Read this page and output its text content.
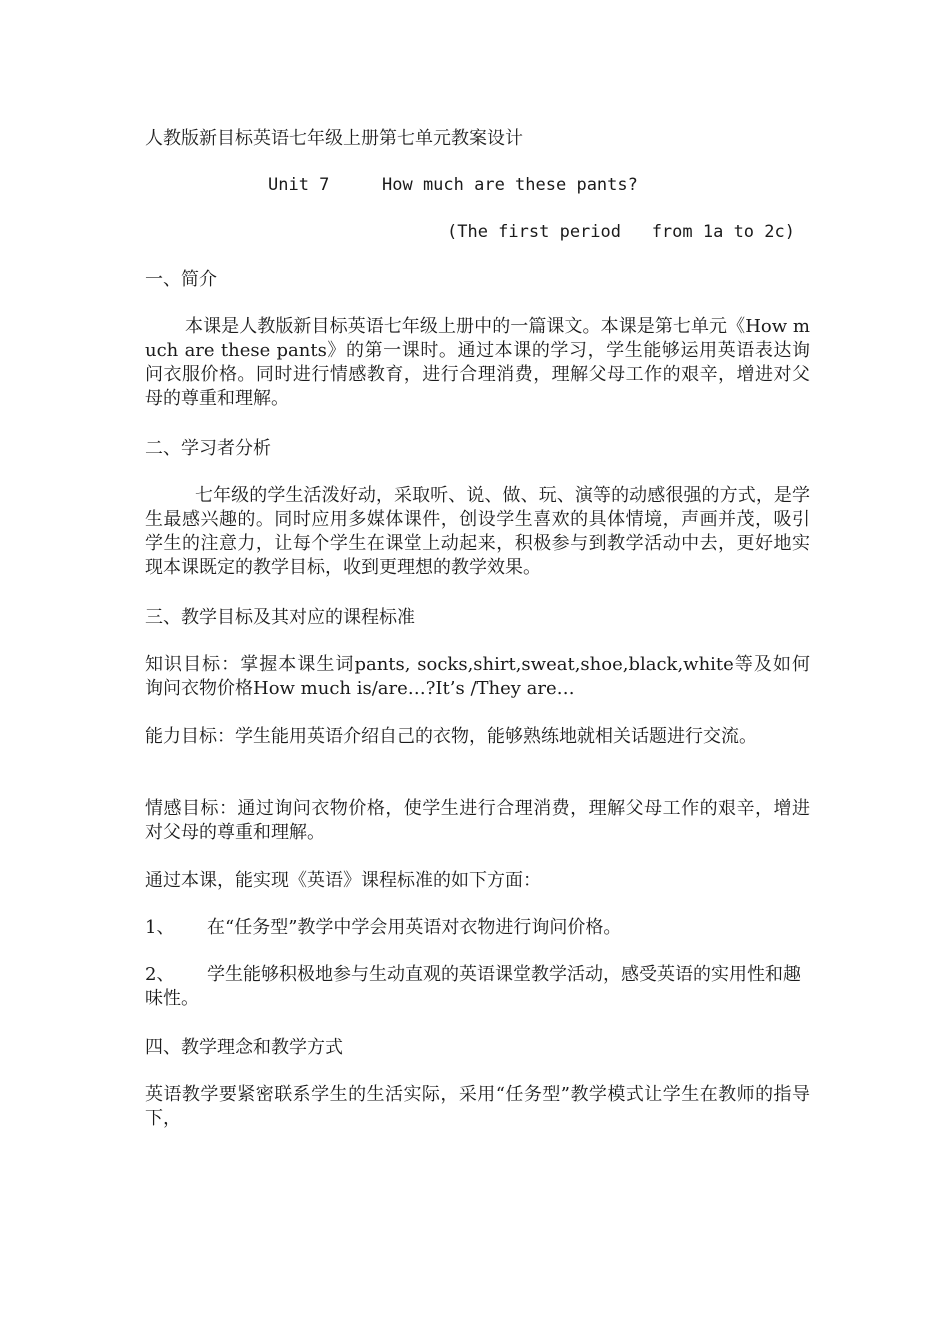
人教版新目标英语七年级上册第七单元教案设计
Unit 7	How much are these pants?
(The first period   from 1a to 2c)
一、简介
本课是人教版新目标英语七年级上册中的一篇课文。本课是第七单元《How much are these pants》的第一课时。通过本课的学习，学生能够运用英语表达询问衣服价格。同时进行情感教育，进行合理消费，理解父母工作的艰辛，增进对父母的尊重和理解。
二、学习者分析
七年级的学生活泼好动，采取听、说、做、玩、演等的动感很强的方式，是学生最感兴趣的。同时应用多媒体课件，创设学生喜欢的具体情境，声画并茂，吸引学生的注意力，让每个学生在课堂上动起来，积极参与到教学活动中去，更好地实现本课既定的教学目标，收到更理想的教学效果。
三、教学目标及其对应的课程标准
知识目标：掌握本课生词pants, socks,shirt,sweat,shoe,black,white等及如何询问衣物价格How much is/are…?It’s /They are…
能力目标：学生能用英语介绍自己的衣物，能够熟练地就相关话题进行交流。
情感目标：通过询问衣物价格，使学生进行合理消费，理解父母工作的艰辛，增进对父母的尊重和理解。
通过本课，能实现《英语》课程标准的如下方面：
1、 在“任务型”教学中学会用英语对衣物进行询问价格。
2、 学生能够积极地参与生动直观的英语课堂教学活动，感受英语的实用性和趣味性。
四、教学理念和教学方式
英语教学要紧密联系学生的生活实际，采用“任务型”教学模式让学生在教师的指导下，
